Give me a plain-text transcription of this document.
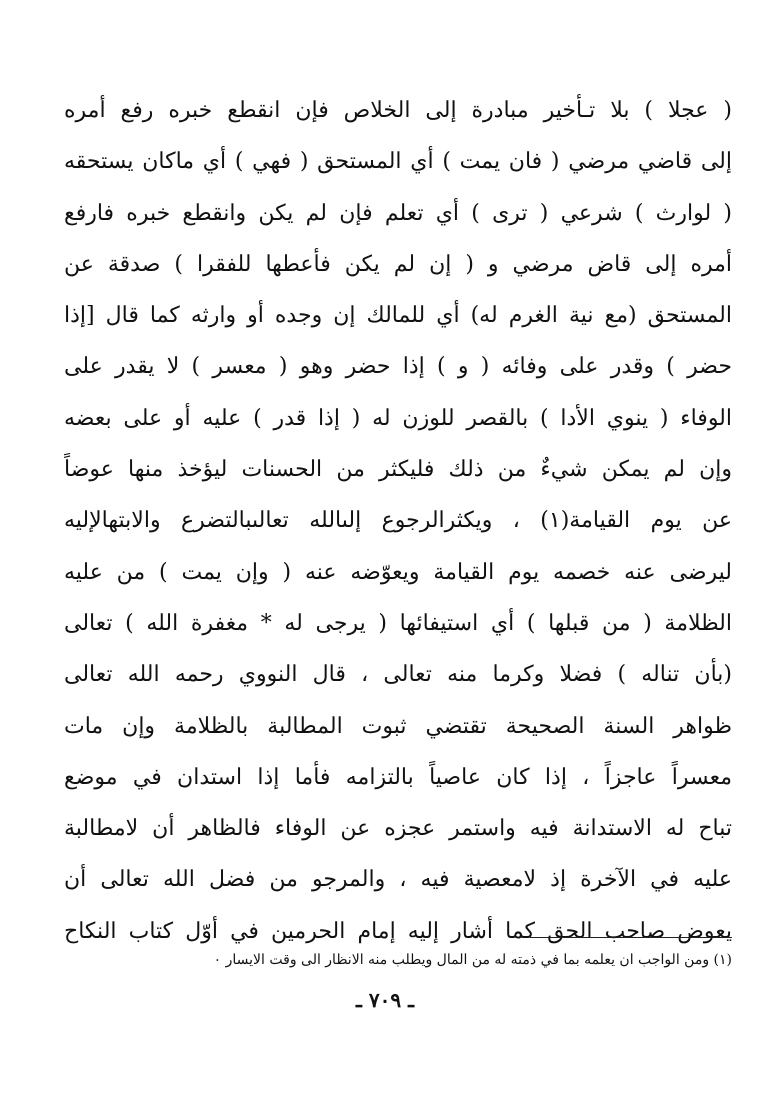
( عجلا ) بلا تـأخير مبادرة إلى الخلاص فإن انقطع خبره رفع أمره
إلى قاضي مرضي ( فان يمت ) أي المستحق ( فهي ) أي ماكان يستحقه
( لوارث ) شرعي ( ترى ) أي تعلم فإن لم يكن وانقطع خبره فارفع
أمره إلى قاض مرضي و ( إن لم يكن فأعطها للفقرا ) صدقة عن
المستحق (مع نية الغرم له) أي للمالك إن وجده أو وارثه كما قال [إذا
حضر ) وقدر على وفائه ( و ) إذا حضر وهو ( معسر ) لا يقدر على
الوفاء ( ينوي الأدا ) بالقصر للوزن له ( إذا قدر ) عليه أو على بعضه
وإن لم يمكن شيءٌ من ذلك فليكثر من الحسنات ليؤخذ منها عوضاً
عن يوم القيامة(١) ، ويكثرالرجوع إلىالله تعالىبالتضرع والابتهالإليه
ليرضى عنه خصمه يوم القيامة ويعوّضه عنه ( وإن يمت ) من عليه
الظلامة ( من قبلها ) أي استيفائها ( يرجى له * مغفرة الله ) تعالى
(بأن تناله ) فضلا وكرما منه تعالى ، قال النووي رحمه الله تعالى
ظواهر السنة الصحيحة تقتضي ثبوت المطالبة بالظلامة وإن مات
معسراً عاجزاً ، إذا كان عاصياً بالتزامه فأما إذا استدان في موضع
تباح له الاستدانة فيه واستمر عجزه عن الوفاء فالظاهر أن لامطالبة
عليه في الآخرة إذ لامعصية فيه ، والمرجو من فضل الله تعالى أن
يعوض صاحب الحق كما أشار إليه إمام الحرمين في أوّل كتاب النكاح
(١) ومن الواجب ان يعلمه بما في ذمته له من المال ويطلب منه الانظار الى وقت الايسار ٠
ـ ٧٠٩ ـ
